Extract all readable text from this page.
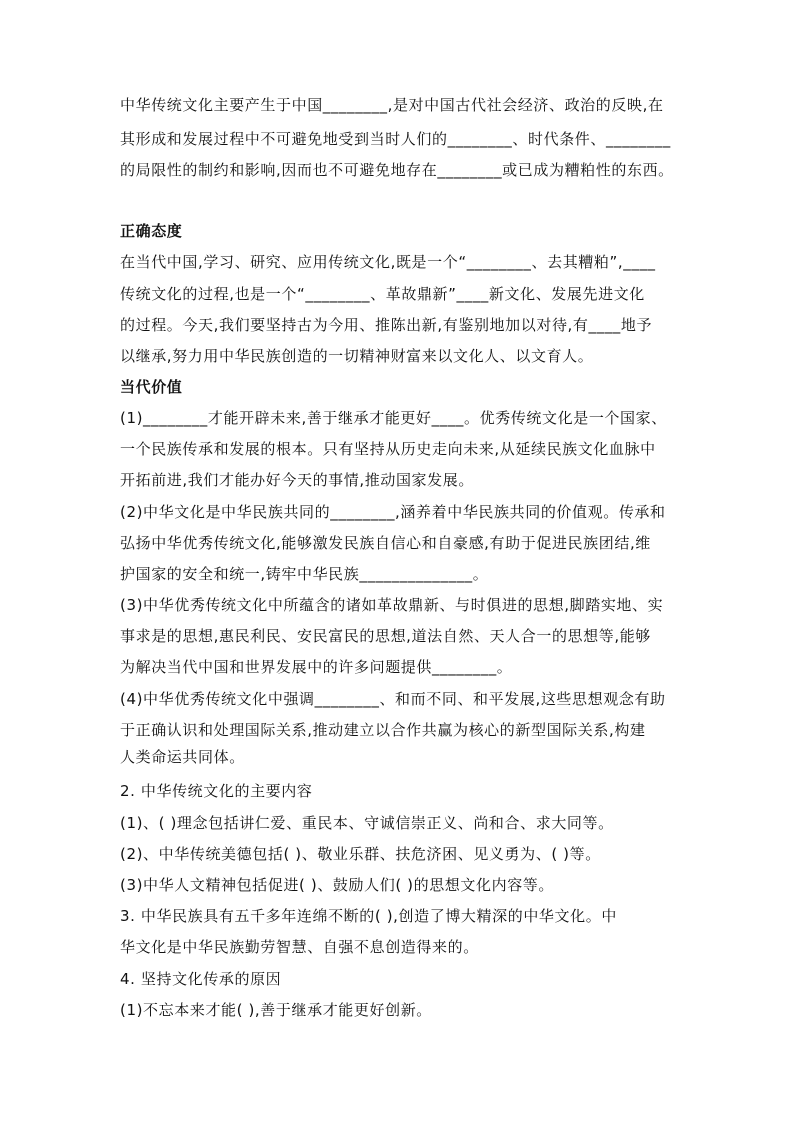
中华传统文化主要产生于中国________,是对中国古代社会经济、政治的反映,在
其形成和发展过程中不可避免地受到当时人们的________、时代条件、________
的局限性的制约和影响,因而也不可避免地存在________或已成为糟粕性的东西。
正确态度
在当代中国,学习、研究、应用传统文化,既是一个“________、去其糟粕”,____
传统文化的过程,也是一个“________、革故鼎新”____新文化、发展先进文化
的过程。今天,我们要坚持古为今用、推陈出新,有鉴别地加以对待,有____地予
以继承,努力用中华民族创造的一切精神财富来以文化人、以文育人。
当代价值
(1)________才能开辟未来,善于继承才能更好____。优秀传统文化是一个国家、
一个民族传承和发展的根本。只有坚持从历史走向未来,从延续民族文化血脉中
开拓前进,我们才能办好今天的事情,推动国家发展。
(2)中华文化是中华民族共同的________,涵养着中华民族共同的价值观。传承和
弘扬中华优秀传统文化,能够激发民族自信心和自豪感,有助于促进民族团结,维
护国家的安全和统一,铸牢中华民族______________。
(3)中华优秀传统文化中所蕴含的诸如革故鼎新、与时俱进的思想,脚踏实地、实
事求是的思想,惠民利民、安民富民的思想,道法自然、天人合一的思想等,能够
为解决当代中国和世界发展中的许多问题提供________。
(4)中华优秀传统文化中强调________、和而不同、和平发展,这些思想观念有助
于正确认识和处理国际关系,推动建立以合作共赢为核心的新型国际关系,构建
人类命运共同体。
2. 中华传统文化的主要内容
(1)、( )理念包括讲仁爱、重民本、守诚信崇正义、尚和合、求大同等。
(2)、中华传统美德包括( )、敬业乐群、扶危济困、见义勇为、( )等。
(3)中华人文精神包括促进( )、鼓励人们( )的思想文化内容等。
3. 中华民族具有五千多年连绵不断的( ),创造了博大精深的中华文化。中
华文化是中华民族勤劳智慧、自强不息创造得来的。
4. 坚持文化传承的原因
(1)不忘本来才能( ),善于继承才能更好创新。
